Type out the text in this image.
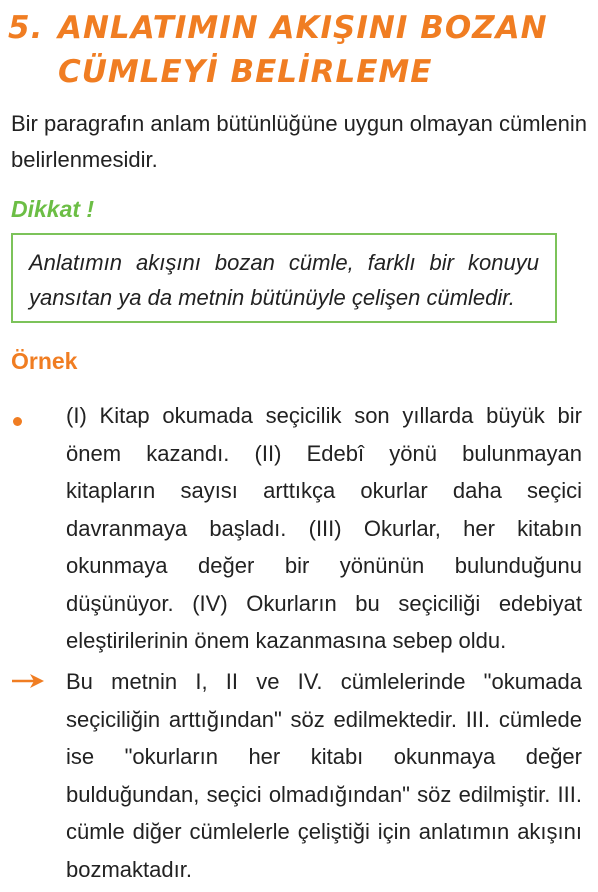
5. ANLATIMIN AKIŞINI BOZAN
CÜMLEYİ BELİRLEME
Bir paragrafın anlam bütünlüğüne uygun olmayan cümlenin belirlenmesidir.
Dikkat !

Anlatımın akışını bozan cümle, farklı bir konuyu yansıtan ya da metnin bütünüyle çelişen cümledir.

Örnek

(I) Kitap okumada seçicilik son yıllarda büyük bir önem kazandı. (II) Edebî yönü bulunmayan kitapların sayısı arttıkça okurlar daha seçici davranmaya başladı. (III) Okurlar, her kitabın okunmaya değer bir yönünün bulunduğunu düşünüyor. (IV) Okurların bu seçiciliği edebiyat eleştirilerinin önem kazanmasına sebep oldu.

Bu metnin I, II ve IV. cümlelerinde "okumada seçiciliğin arttığından" söz edilmektedir. III. cümlede ise "okurların her kitabı okunmaya değer bulduğundan, seçici olmadığından" söz edilmiştir. III. cümle diğer cümlelerle çeliştiği için anlatımın akışını bozmaktadır.
